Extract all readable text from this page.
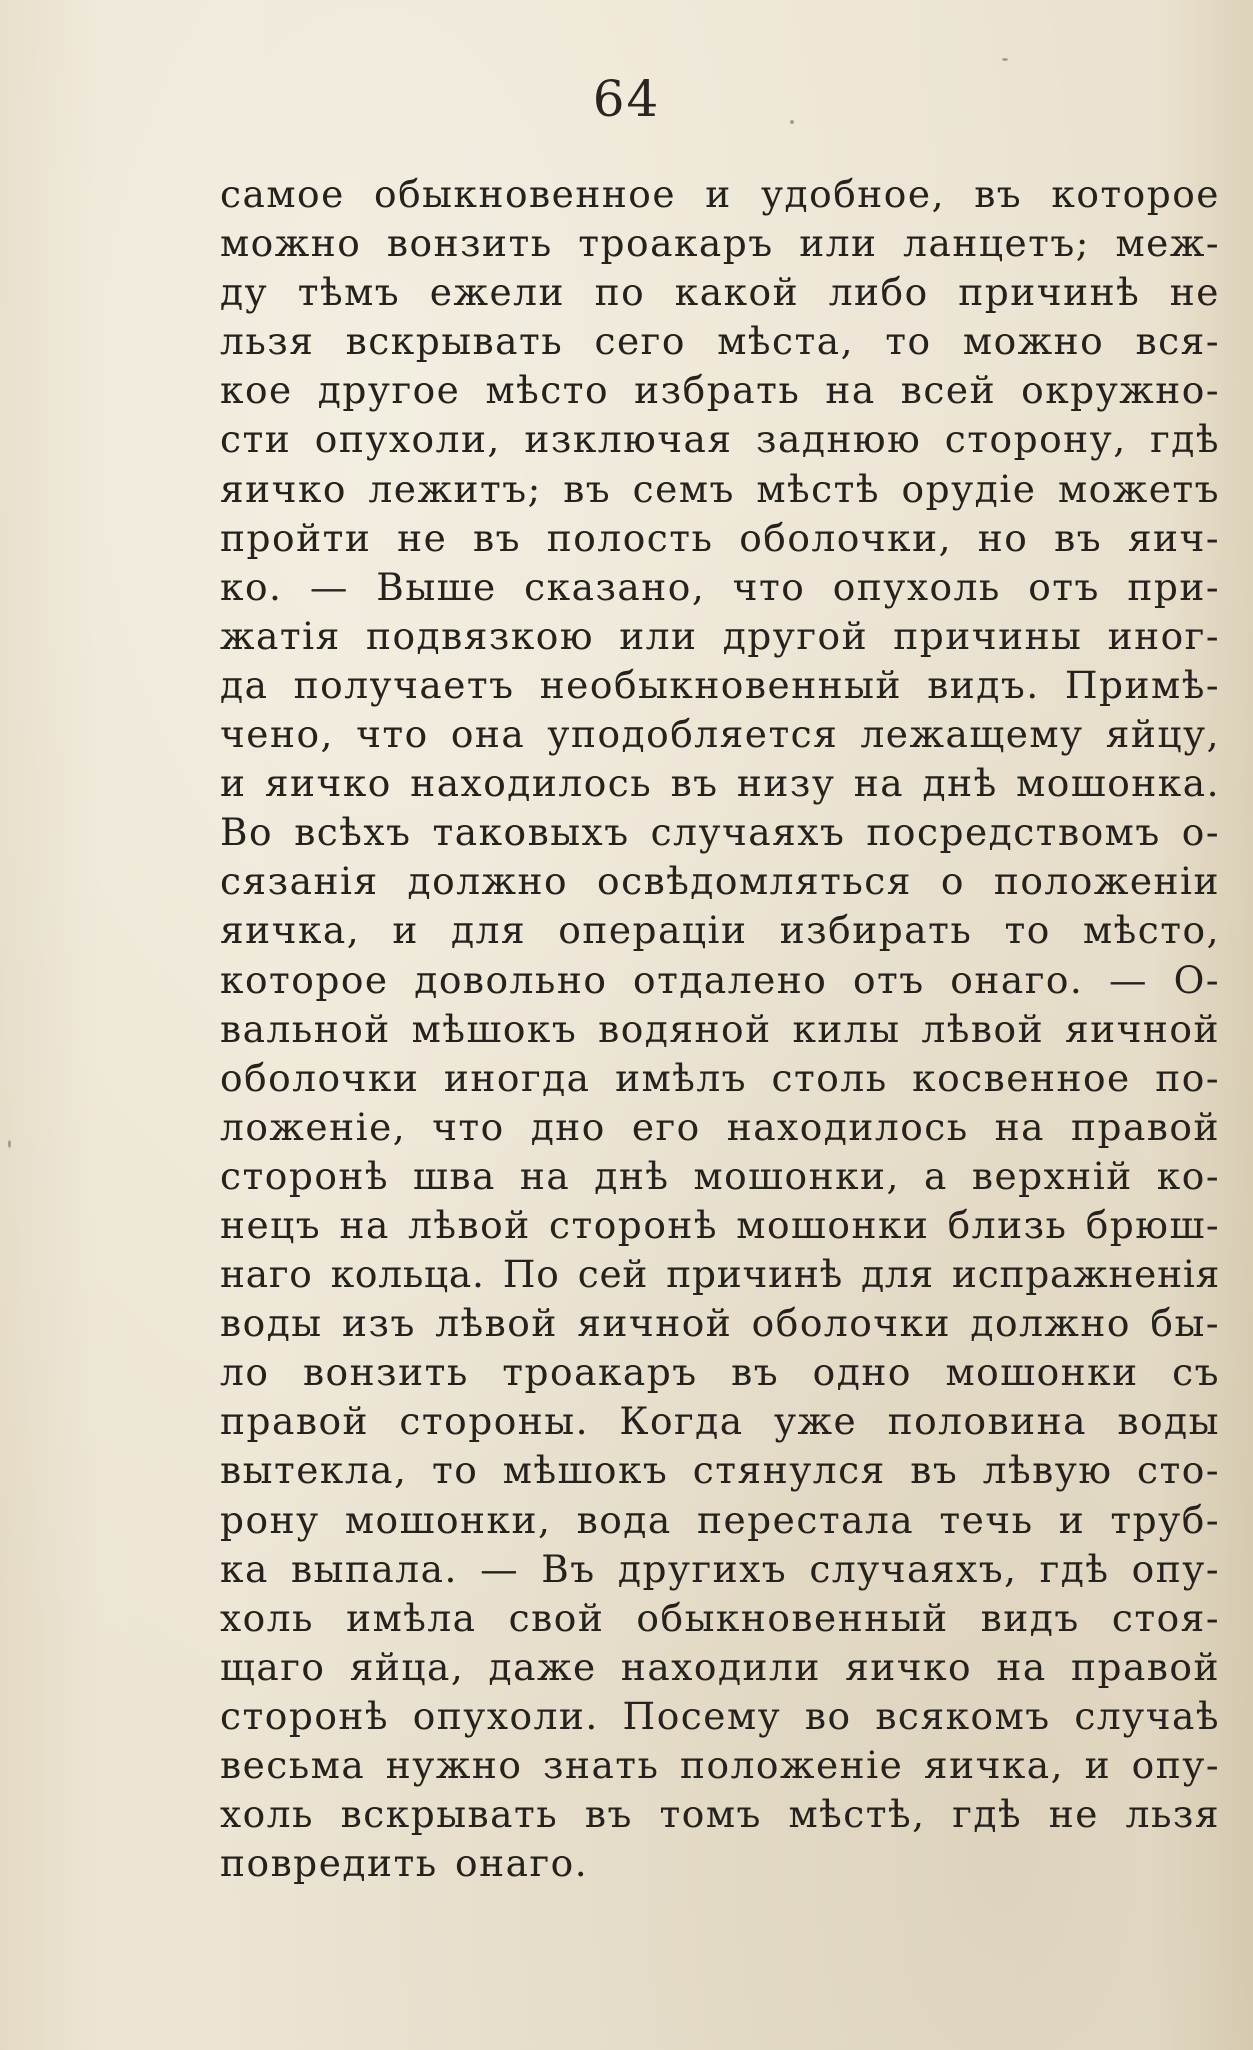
64
самое обыкновенное и удобное, въ которое
можно вонзить троакаръ или ланцетъ; меж-
ду тѣмъ ежели по какой либо причинѣ не
льзя вскрывать сего мѣста, то можно вся-
кое другое мѣсто избрать на всей окружно-
сти опухоли, изключая заднюю сторону, гдѣ
яичко лежитъ; въ семъ мѣстѣ орудіе можетъ
пройти не въ полость оболочки, но въ яич-
ко. — Выше сказано, что опухоль отъ при-
жатія подвязкою или другой причины иног-
да получаетъ необыкновенный видъ. Примѣ-
чено, что она уподобляется лежащему яйцу,
и яичко находилось въ низу на днѣ мошонка.
Во всѣхъ таковыхъ случаяхъ посредствомъ о-
сязанія должно освѣдомляться о положеніи
яичка, и для операціи избирать то мѣсто,
которое довольно отдалено отъ онаго. — О-
вальной мѣшокъ водяной килы лѣвой яичной
оболочки иногда имѣлъ столь косвенное по-
ложеніе, что дно его находилось на правой
сторонѣ шва на днѣ мошонки, а верхній ко-
нецъ на лѣвой сторонѣ мошонки близь брюш-
наго кольца. По сей причинѣ для испражненія
воды изъ лѣвой яичной оболочки должно бы-
ло вонзить троакаръ въ одно мошонки съ
правой стороны. Когда уже половина воды
вытекла, то мѣшокъ стянулся въ лѣвую сто-
рону мошонки, вода перестала течь и труб-
ка выпала. — Въ другихъ случаяхъ, гдѣ опу-
холь имѣла свой обыкновенный видъ стоя-
щаго яйца, даже находили яичко на правой
сторонѣ опухоли. Посему во всякомъ случаѣ
весьма нужно знать положеніе яичка, и опу-
холь вскрывать въ томъ мѣстѣ, гдѣ не льзя
повредить онаго.
